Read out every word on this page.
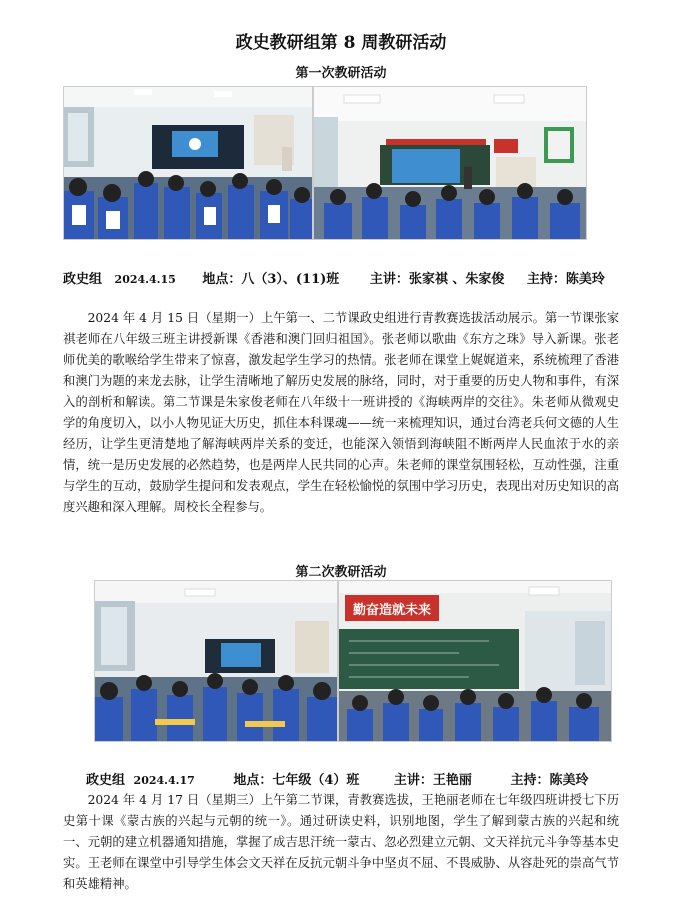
政史教研组第 8 周教研活动
第一次教研活动
政史组 2024.4.15 地点：八（3）、(11)班 主讲：张家祺 、朱家俊 主持：陈美玲

2024 年 4 月 15 日（星期一）上午第一、二节课政史组进行青教赛选拔活动展示。第一节课张家祺老师在八年级三班主讲授新课《香港和澳门回归祖国》。张老师以歌曲《东方之珠》导入新课。张老师优美的歌喉给学生带来了惊喜，激发起学生学习的热情。张老师在课堂上娓娓道来，系统梳理了香港和澳门为题的来龙去脉，让学生清晰地了解历史发展的脉络，同时，对于重要的历史人物和事件，有深入的剖析和解读。第二节课是朱家俊老师在八年级十一班讲授的《海峡两岸的交往》。朱老师从微观史学的角度切入，以小人物见证大历史，抓住本科课魂——统一来梳理知识，通过台湾老兵何文德的人生经历，让学生更清楚地了解海峡两岸关系的变迁，也能深入领悟到海峡阻不断两岸人民血浓于水的亲情，统一是历史发展的必然趋势，也是两岸人民共同的心声。朱老师的课堂氛围轻松，互动性强，注重与学生的互动，鼓励学生提问和发表观点，学生在轻松愉悦的氛围中学习历史，表现出对历史知识的高度兴趣和深入理解。周校长全程参与。

第二次教研活动
勤奋造就未来
政史组 2024.4.17	地点：七年级（4）班	主讲：王艳丽	主持：陈美玲

2024 年 4 月 17 日（星期三）上午第二节课，青教赛选拔，王艳丽老师在七年级四班讲授七下历史第十课《蒙古族的兴起与元朝的统一》。通过研读史料，识别地图，学生了解到蒙古族的兴起和统一、元朝的建立机器通知措施，掌握了成吉思汗统一蒙古、忽必烈建立元朝、文天祥抗元斗争等基本史实。王老师在课堂中引导学生体会文天祥在反抗元朝斗争中坚贞不屈、不畏威胁、从容赴死的崇高气节和英雄精神。
